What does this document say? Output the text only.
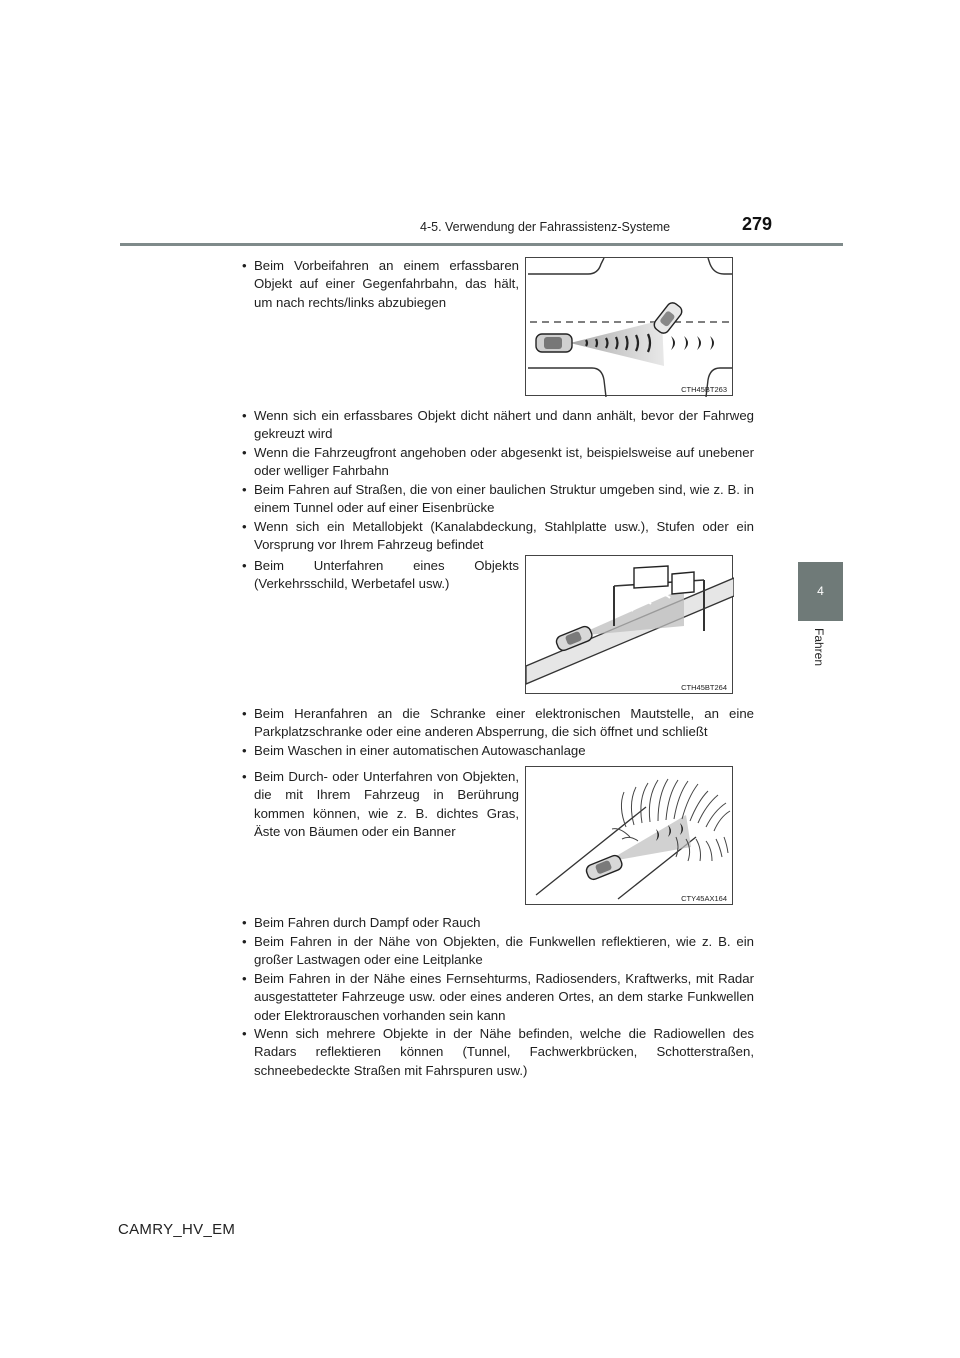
4-5. Verwendung der Fahrassistenz-Systeme	279
4
Fahren
• Beim Vorbeifahren an einem erfassbaren Objekt auf einer Gegenfahrbahn, das hält, um nach rechts/links abzubiegen
CTH45BT263
• Wenn sich ein erfassbares Objekt dicht nähert und dann anhält, bevor der Fahrweg gekreuzt wird
• Wenn die Fahrzeugfront angehoben oder abgesenkt ist, beispielsweise auf unebener oder welliger Fahrbahn
• Beim Fahren auf Straßen, die von einer baulichen Struktur umgeben sind, wie z. B. in einem Tunnel oder auf einer Eisenbrücke
• Wenn sich ein Metallobjekt (Kanalabdeckung, Stahlplatte usw.), Stufen oder ein Vorsprung vor Ihrem Fahrzeug befindet
• Beim Unterfahren eines Objekts (Verkehrsschild, Werbetafel usw.)
CTH45BT264
• Beim Heranfahren an die Schranke einer elektronischen Mautstelle, an eine Parkplatzschranke oder eine anderen Absperrung, die sich öffnet und schließt
• Beim Waschen in einer automatischen Autowaschanlage
• Beim Durch- oder Unterfahren von Objekten, die mit Ihrem Fahrzeug in Berührung kommen können, wie z. B. dichtes Gras, Äste von Bäumen oder ein Banner
CTY45AX164
• Beim Fahren durch Dampf oder Rauch
• Beim Fahren in der Nähe von Objekten, die Funkwellen reflektieren, wie z. B. ein großer Lastwagen oder eine Leitplanke
• Beim Fahren in der Nähe eines Fernsehturms, Radiosenders, Kraftwerks, mit Radar ausgestatteter Fahrzeuge usw. oder eines anderen Ortes, an dem starke Funkwellen oder Elektrorauschen vorhanden sein kann
• Wenn sich mehrere Objekte in der Nähe befinden, welche die Radiowellen des Radars reflektieren können (Tunnel, Fachwerkbrücken, Schotterstraßen, schneebedeckte Straßen mit Fahrspuren usw.)
CAMRY_HV_EM
